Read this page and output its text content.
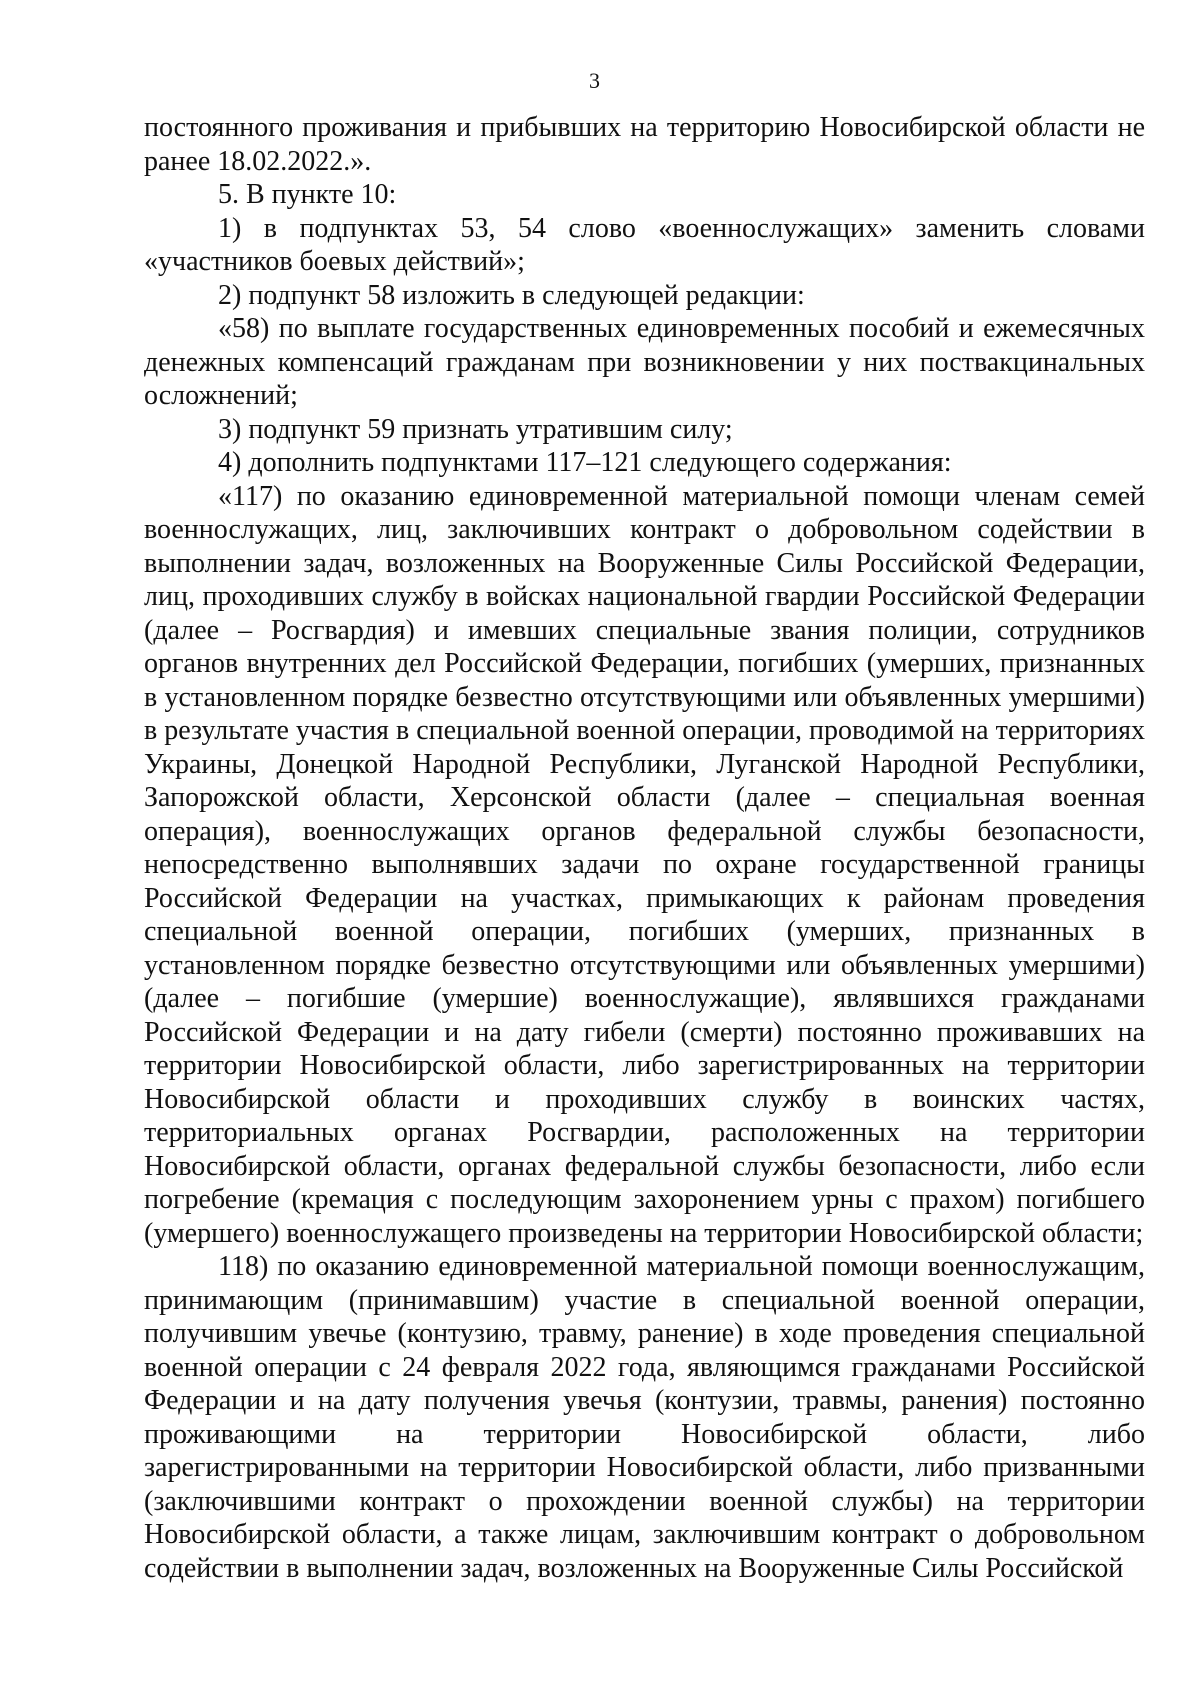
3

постоянного проживания и прибывших на территорию Новосибирской области не ранее 18.02.2022.».

5. В пункте 10:

1) в подпунктах 53, 54 слово «военнослужащих» заменить словами «участников боевых действий»;

2) подпункт 58 изложить в следующей редакции:

«58) по выплате государственных единовременных пособий и ежемесячных денежных компенсаций гражданам при возникновении у них поствакцинальных осложнений;

3) подпункт 59 признать утратившим силу;

4) дополнить подпунктами 117–121 следующего содержания:

«117) по оказанию единовременной материальной помощи членам семей военнослужащих, лиц, заключивших контракт о добровольном содействии в выполнении задач, возложенных на Вооруженные Силы Российской Федерации, лиц, проходивших службу в войсках национальной гвардии Российской Федерации (далее – Росгвардия) и имевших специальные звания полиции, сотрудников органов внутренних дел Российской Федерации, погибших (умерших, признанных в установленном порядке безвестно отсутствующими или объявленных умершими) в результате участия в специальной военной операции, проводимой на территориях Украины, Донецкой Народной Республики, Луганской Народной Республики, Запорожской области, Херсонской области (далее – специальная военная операция), военнослужащих органов федеральной службы безопасности, непосредственно выполнявших задачи по охране государственной границы Российской Федерации на участках, примыкающих к районам проведения специальной военной операции, погибших (умерших, признанных в установленном порядке безвестно отсутствующими или объявленных умершими) (далее – погибшие (умершие) военнослужащие), являвшихся гражданами Российской Федерации и на дату гибели (смерти) постоянно проживавших на территории Новосибирской области, либо зарегистрированных на территории Новосибирской области и проходивших службу в воинских частях, территориальных органах Росгвардии, расположенных на территории Новосибирской области, органах федеральной службы безопасности, либо если погребение (кремация с последующим захоронением урны с прахом) погибшего (умершего) военнослужащего произведены на территории Новосибирской области;

118) по оказанию единовременной материальной помощи военнослужащим, принимающим (принимавшим) участие в специальной военной операции, получившим увечье (контузию, травму, ранение) в ходе проведения специальной военной операции с 24 февраля 2022 года, являющимся гражданами Российской Федерации и на дату получения увечья (контузии, травмы, ранения) постоянно проживающими на территории Новосибирской области, либо зарегистрированными на территории Новосибирской области, либо призванными (заключившими контракт о прохождении военной службы) на территории Новосибирской области, а также лицам, заключившим контракт о добровольном содействии в выполнении задач, возложенных на Вооруженные Силы Российской
